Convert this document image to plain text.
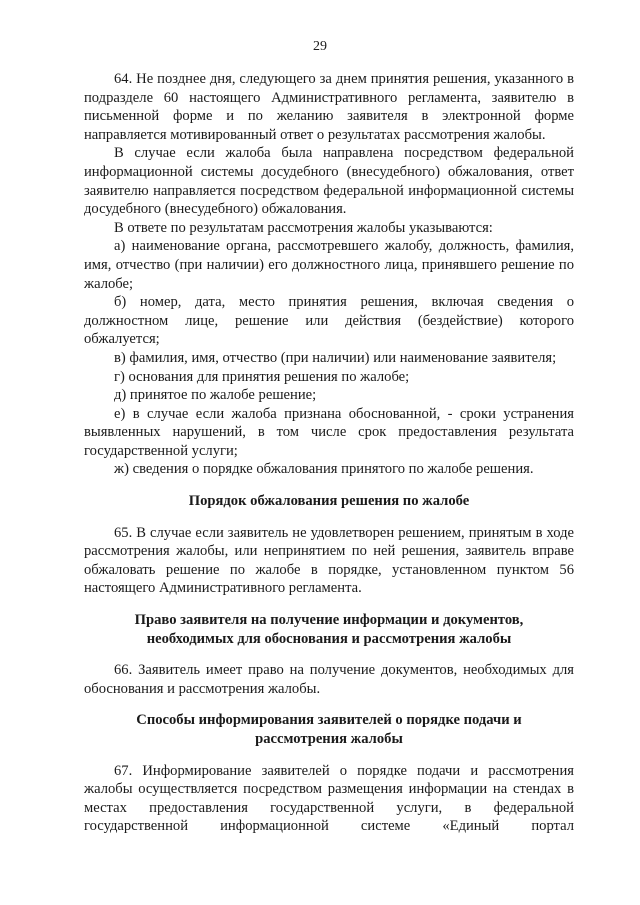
29

64. Не позднее дня, следующего за днем принятия решения, указанного в подразделе 60 настоящего Административного регламента, заявителю в письменной форме и по желанию заявителя в электронной форме направляется мотивированный ответ о результатах рассмотрения жалобы.

В случае если жалоба была направлена посредством федеральной информационной системы досудебного (внесудебного) обжалования, ответ заявителю направляется посредством федеральной информационной системы досудебного (внесудебного) обжалования.

В ответе по результатам рассмотрения жалобы указываются:

а) наименование органа, рассмотревшего жалобу, должность, фамилия, имя, отчество (при наличии) его должностного лица, принявшего решение по жалобе;

б) номер, дата, место принятия решения, включая сведения о должностном лице, решение или действия (бездействие) которого обжалуется;

в) фамилия, имя, отчество (при наличии) или наименование заявителя;

г) основания для принятия решения по жалобе;

д) принятое по жалобе решение;

е) в случае если жалоба признана обоснованной, - сроки устранения выявленных нарушений, в том числе срок предоставления результата государственной услуги;

ж) сведения о порядке обжалования принятого по жалобе решения.

Порядок обжалования решения по жалобе

65. В случае если заявитель не удовлетворен решением, принятым в ходе рассмотрения жалобы, или непринятием по ней решения, заявитель вправе обжаловать решение по жалобе в порядке, установленном пунктом 56 настоящего Административного регламента.

Право заявителя на получение информации и документов,

необходимых для обоснования и рассмотрения жалобы

66. Заявитель имеет право на получение документов, необходимых для обоснования и рассмотрения жалобы.

Способы информирования заявителей о порядке подачи и

рассмотрения жалобы

67. Информирование заявителей о порядке подачи и рассмотрения жалобы осуществляется посредством размещения информации на стендах в местах предоставления государственной услуги, в федеральной государственной информационной системе «Единый портал
